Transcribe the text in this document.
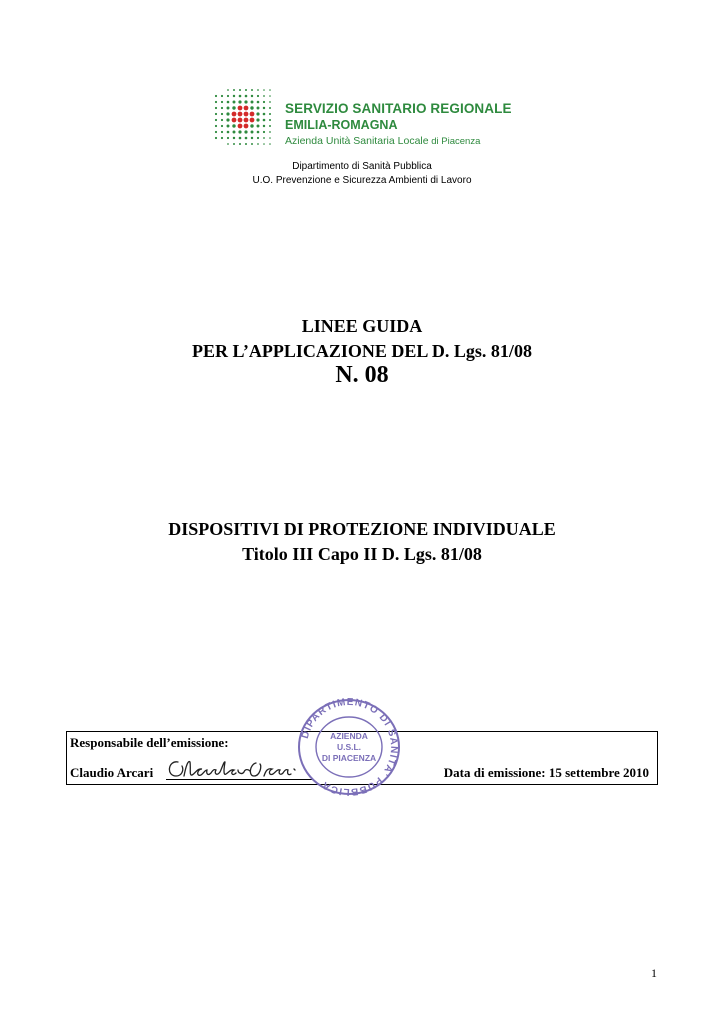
SERVIZIO SANITARIO REGIONALE
EMILIA-ROMAGNA
Azienda Unità Sanitaria Locale di Piacenza
Dipartimento di Sanità Pubblica
U.O. Prevenzione e Sicurezza Ambienti di Lavoro
LINEE GUIDA
PER L’APPLICAZIONE DEL D. Lgs. 81/08
N. 08
DISPOSITIVI DI PROTEZIONE INDIVIDUALE
Titolo III Capo II D. Lgs. 81/08
Responsabile dell’emissione:
Claudio Arcari	Data di emissione: 15 settembre 2010
DIPARTIMENTO DI SANITA' PUBBLICA
AZIENDA
U.S.L.
DI PIACENZA
1
